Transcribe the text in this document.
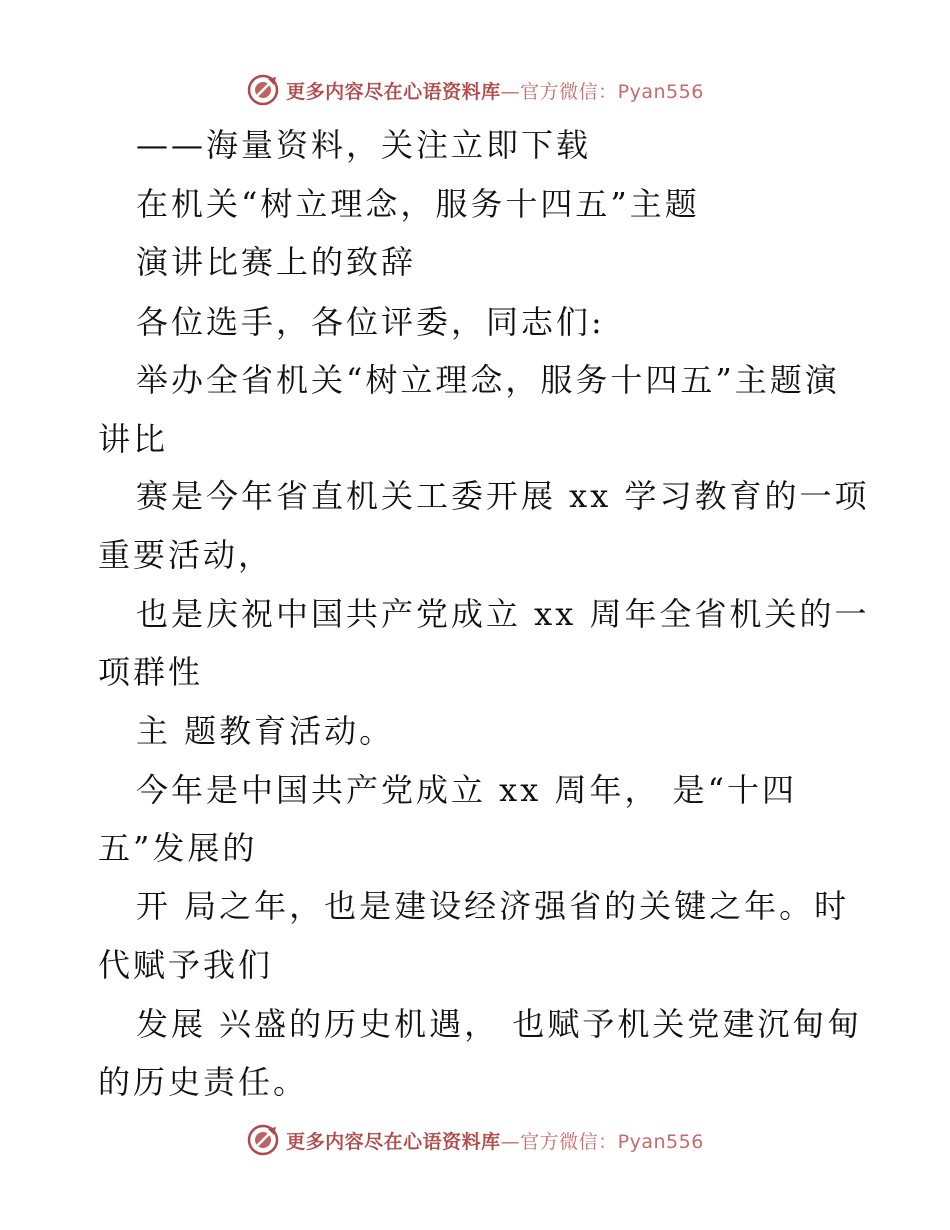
更多内容尽在心语资料库—官方微信：Pyan556
——海量资料，关注立即下载
在机关“树立理念，服务十四五”主题
演讲比赛上的致辞
各位选手，各位评委，同志们:
举办全省机关“树立理念，服务十四五”主题演
讲比
赛是今年省直机关工委开展 xx 学习教育的一项
重要活动，
也是庆祝中国共产党成立 xx 周年全省机关的一
项群性
主 题教育活动。
今年是中国共产党成立 xx 周年， 是“十四
五”发展的
开 局之年，也是建设经济强省的关键之年。时
代赋予我们
发展 兴盛的历史机遇， 也赋予机关党建沉甸甸
的历史责任。
更多内容尽在心语资料库—官方微信：Pyan556
